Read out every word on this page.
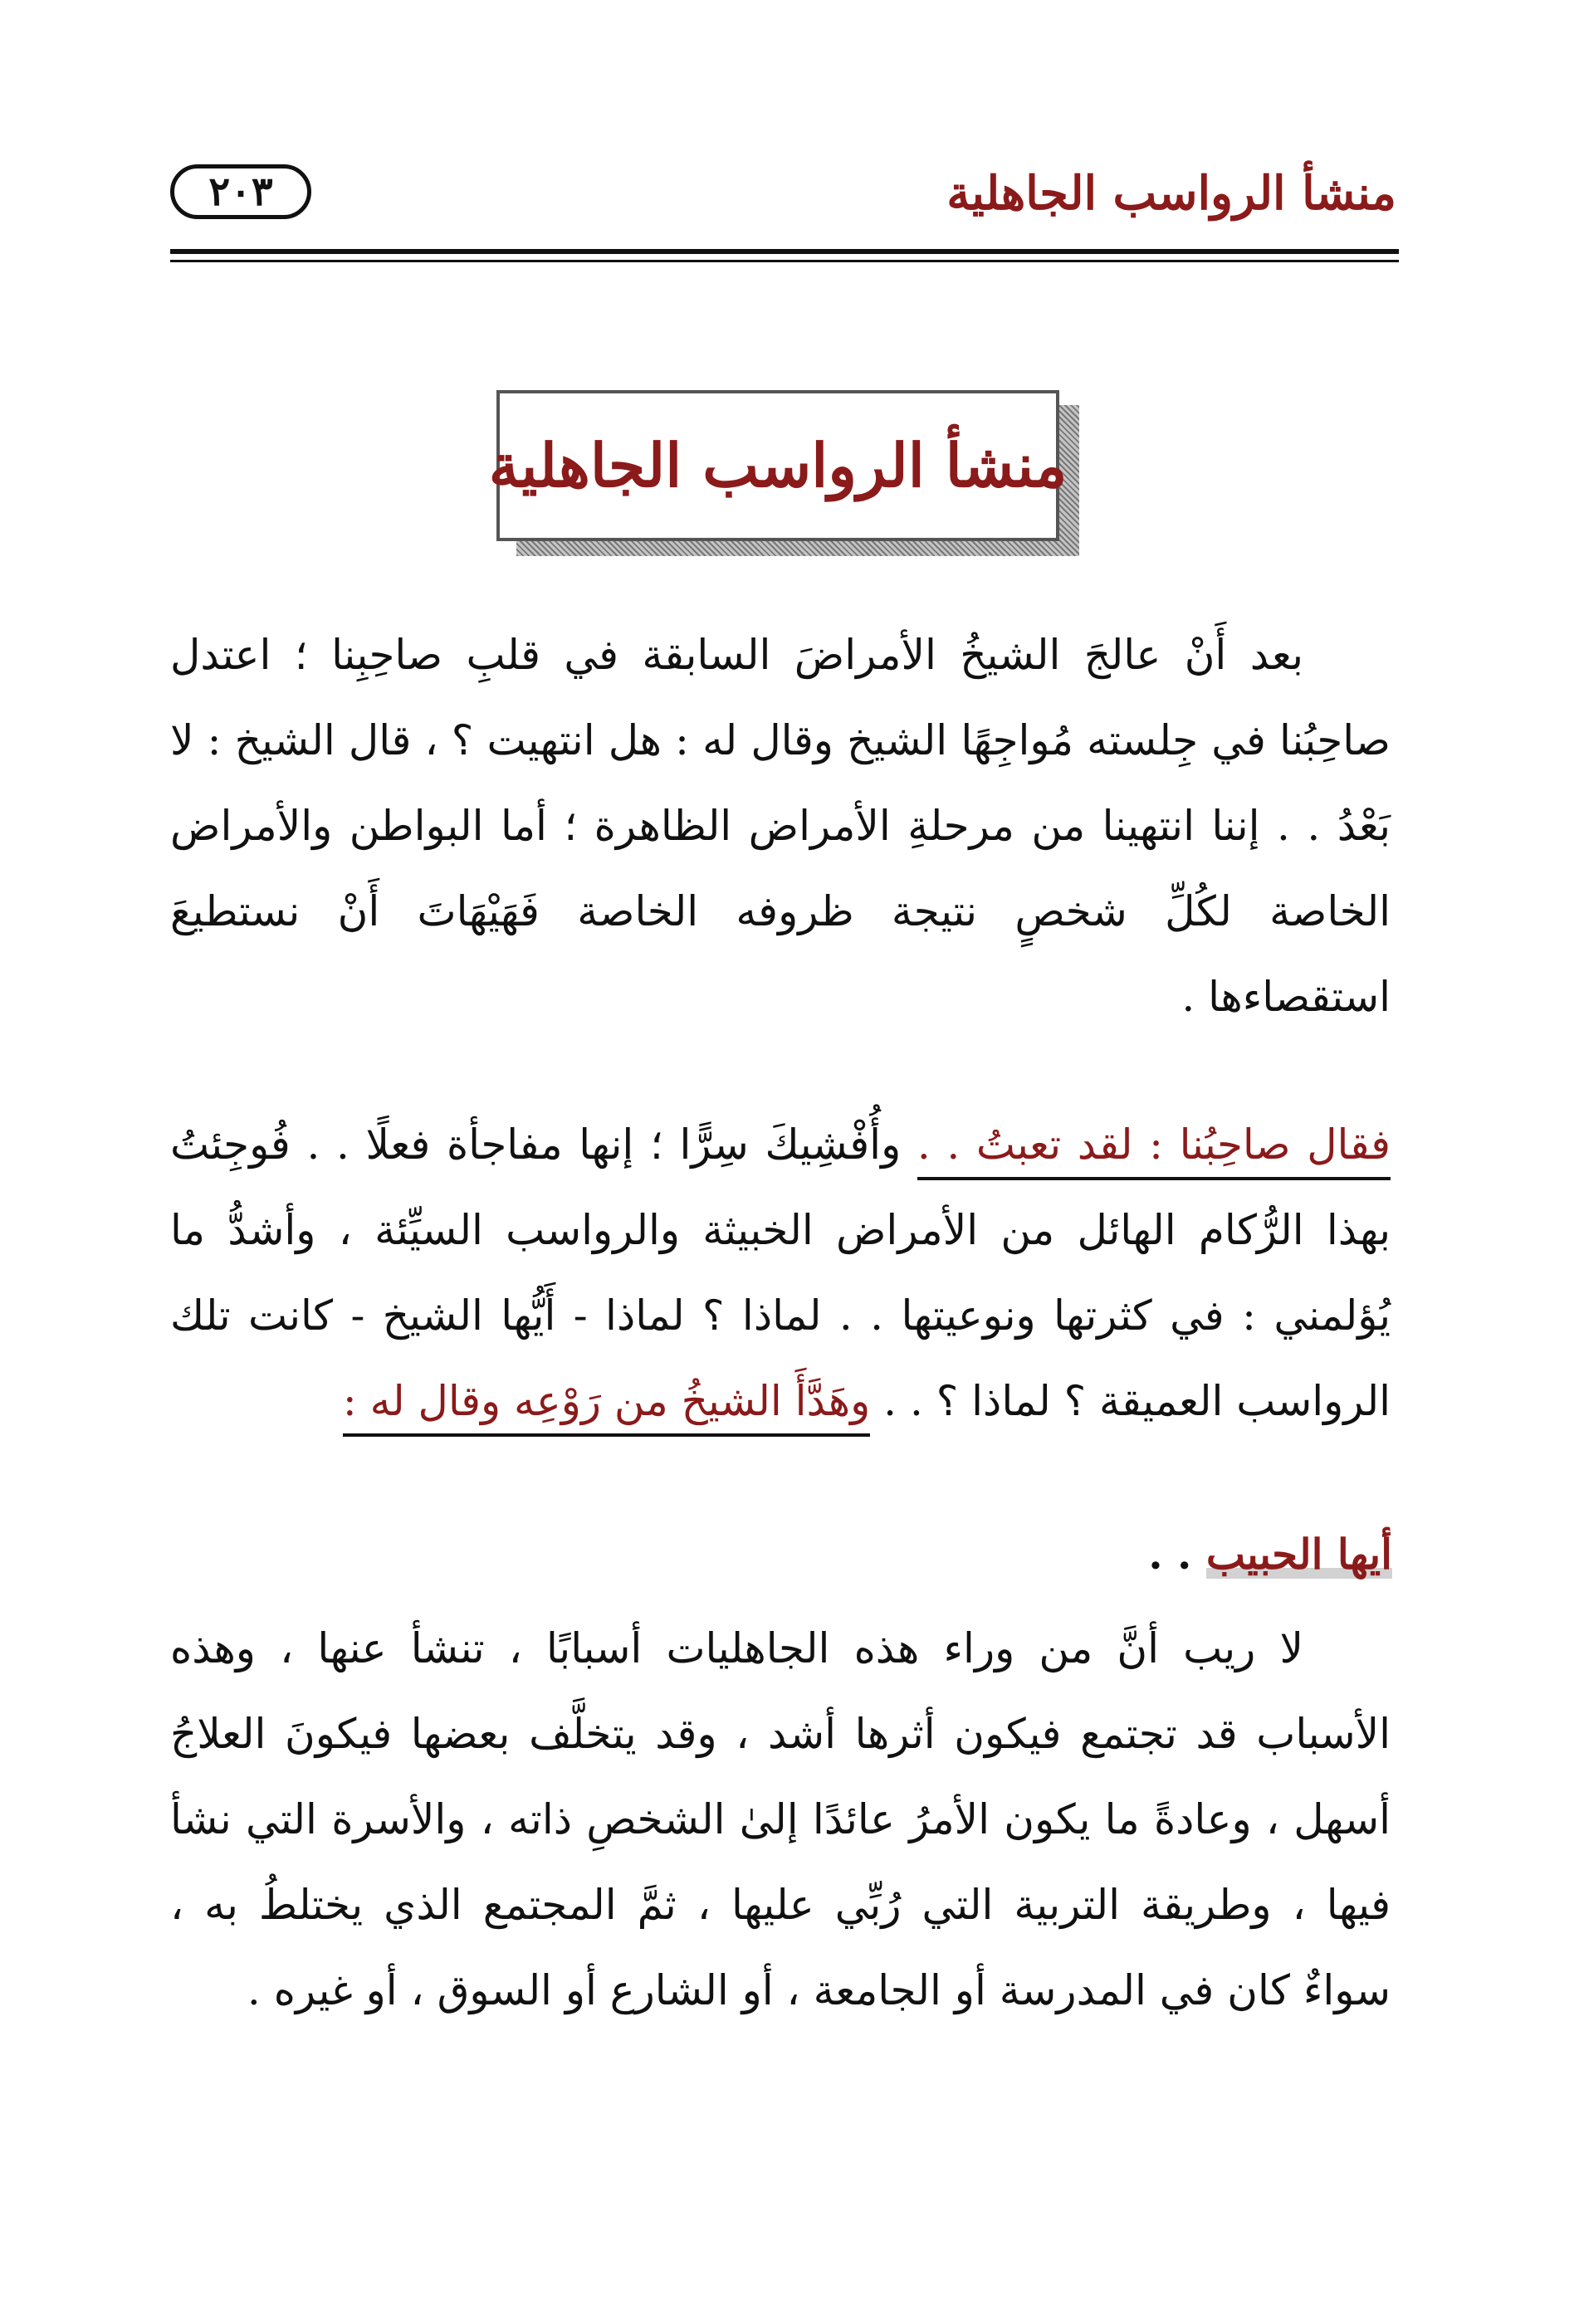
منشأ الرواسب الجاهلية
٢٠٣
منشأ الرواسب الجاهلية

بعد أَنْ عالجَ الشيخُ الأمراضَ السابقة في قلبِ صاحِبِنا ؛ اعتدل صاحِبُنا في جِلسته مُواجِهًا الشيخ وقال له : هل انتهيت ؟ ، قال الشيخ : لا بَعْدُ . . إننا انتهينا من مرحلةِ الأمراض الظاهرة ؛ أما البواطن والأمراض الخاصة لكُلِّ شخصٍ نتيجة ظروفه الخاصة فَهَيْهَاتَ أَنْ نستطيعَ استقصاءها .

فقال صاحِبُنا : لقد تعبتُ . . وأُفْشِيكَ سِرًّا ؛ إنها مفاجأة فعلًا . . فُوجِئتُ بهذا الرُّكام الهائل من الأمراض الخبيثة والرواسب السيِّئة ، وأشدُّ ما يُؤلمني : في كثرتها ونوعيتها . . لماذا ؟ لماذا - أَيُّها الشيخ - كانت تلك الرواسب العميقة ؟ لماذا ؟ . . وهَدَّأَ الشيخُ من رَوْعِه وقال له :

أيها الحبيب . .

لا ريب أنَّ من وراء هذه الجاهليات أسبابًا ، تنشأ عنها ، وهذه الأسباب قد تجتمع فيكون أثرها أشد ، وقد يتخلَّف بعضها فيكونَ العلاجُ أسهل ، وعادةً ما يكون الأمرُ عائدًا إلىٰ الشخصِ ذاته ، والأسرة التي نشأ فيها ، وطريقة التربية التي رُبِّي عليها ، ثمَّ المجتمع الذي يختلطُ به ، سواءٌ كان في المدرسة أو الجامعة ، أو الشارع أو السوق ، أو غيره .
